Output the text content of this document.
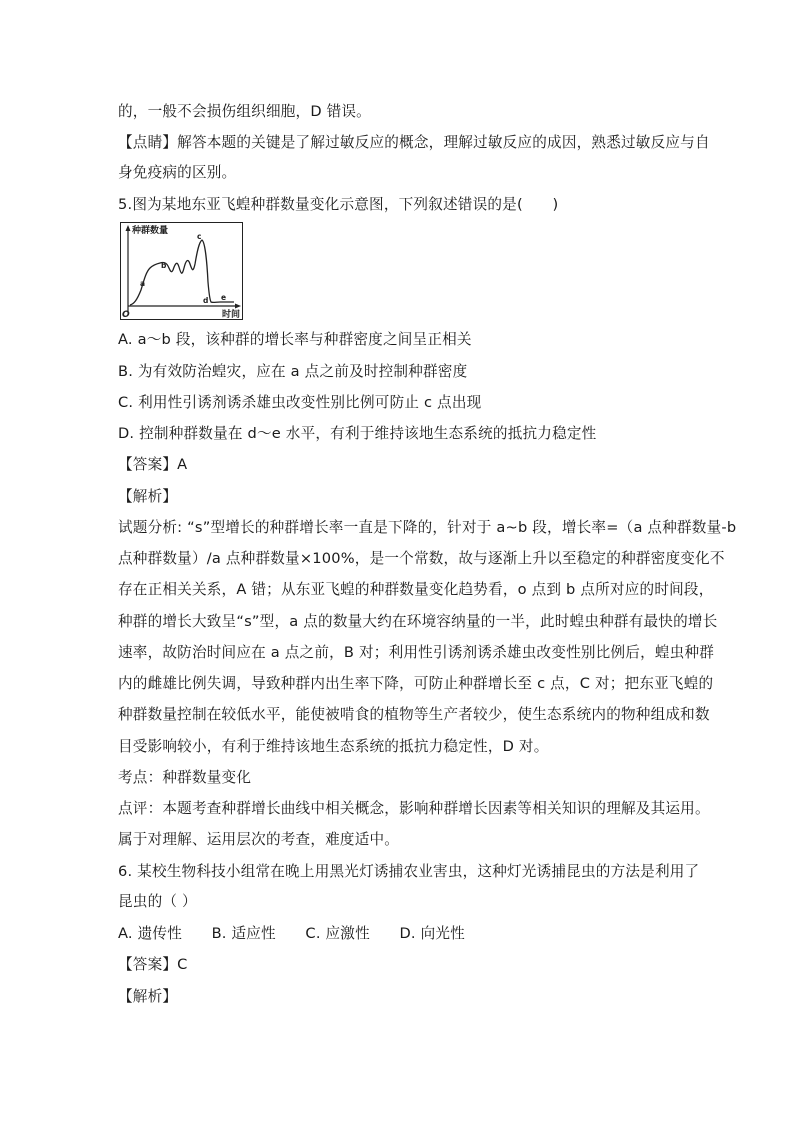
的，一般不会损伤组织细胞，D 错误。
【点睛】解答本题的关键是了解过敏反应的概念，理解过敏反应的成因，熟悉过敏反应与自
身免疫病的区别。
5.图为某地东亚飞蝗种群数量变化示意图，下列叙述错误的是(　　)
种群数量
O	时间
a
b
c
d e
A. a～b 段，该种群的增长率与种群密度之间呈正相关
B. 为有效防治蝗灾，应在 a 点之前及时控制种群密度
C. 利用性引诱剂诱杀雄虫改变性别比例可防止 c 点出现
D. 控制种群数量在 d～e 水平，有利于维持该地生态系统的抵抗力稳定性
【答案】A
【解析】
试题分析: “s”型增长的种群增长率一直是下降的，针对于 a~b 段，增长率=（a 点种群数量-b
点种群数量）/a 点种群数量×100%，是一个常数，故与逐渐上升以至稳定的种群密度变化不
存在正相关关系，A 错；从东亚飞蝗的种群数量变化趋势看，o 点到 b 点所对应的时间段，
种群的增长大致呈“s”型，a 点的数量大约在环境容纳量的一半，此时蝗虫种群有最快的增长
速率，故防治时间应在 a 点之前，B 对；利用性引诱剂诱杀雄虫改变性别比例后，蝗虫种群
内的雌雄比例失调，导致种群内出生率下降，可防止种群增长至 c 点，C 对；把东亚飞蝗的
种群数量控制在较低水平，能使被啃食的植物等生产者较少，使生态系统内的物种组成和数
目受影响较小，有利于维持该地生态系统的抵抗力稳定性，D 对。
考点：种群数量变化
点评：本题考查种群增长曲线中相关概念，影响种群增长因素等相关知识的理解及其运用。
属于对理解、运用层次的考查，难度适中。
6. 某校生物科技小组常在晚上用黑光灯诱捕农业害虫，这种灯光诱捕昆虫的方法是利用了
昆虫的（ ）
A. 遗传性　　B. 适应性　　C. 应激性　　D. 向光性
【答案】C
【解析】
